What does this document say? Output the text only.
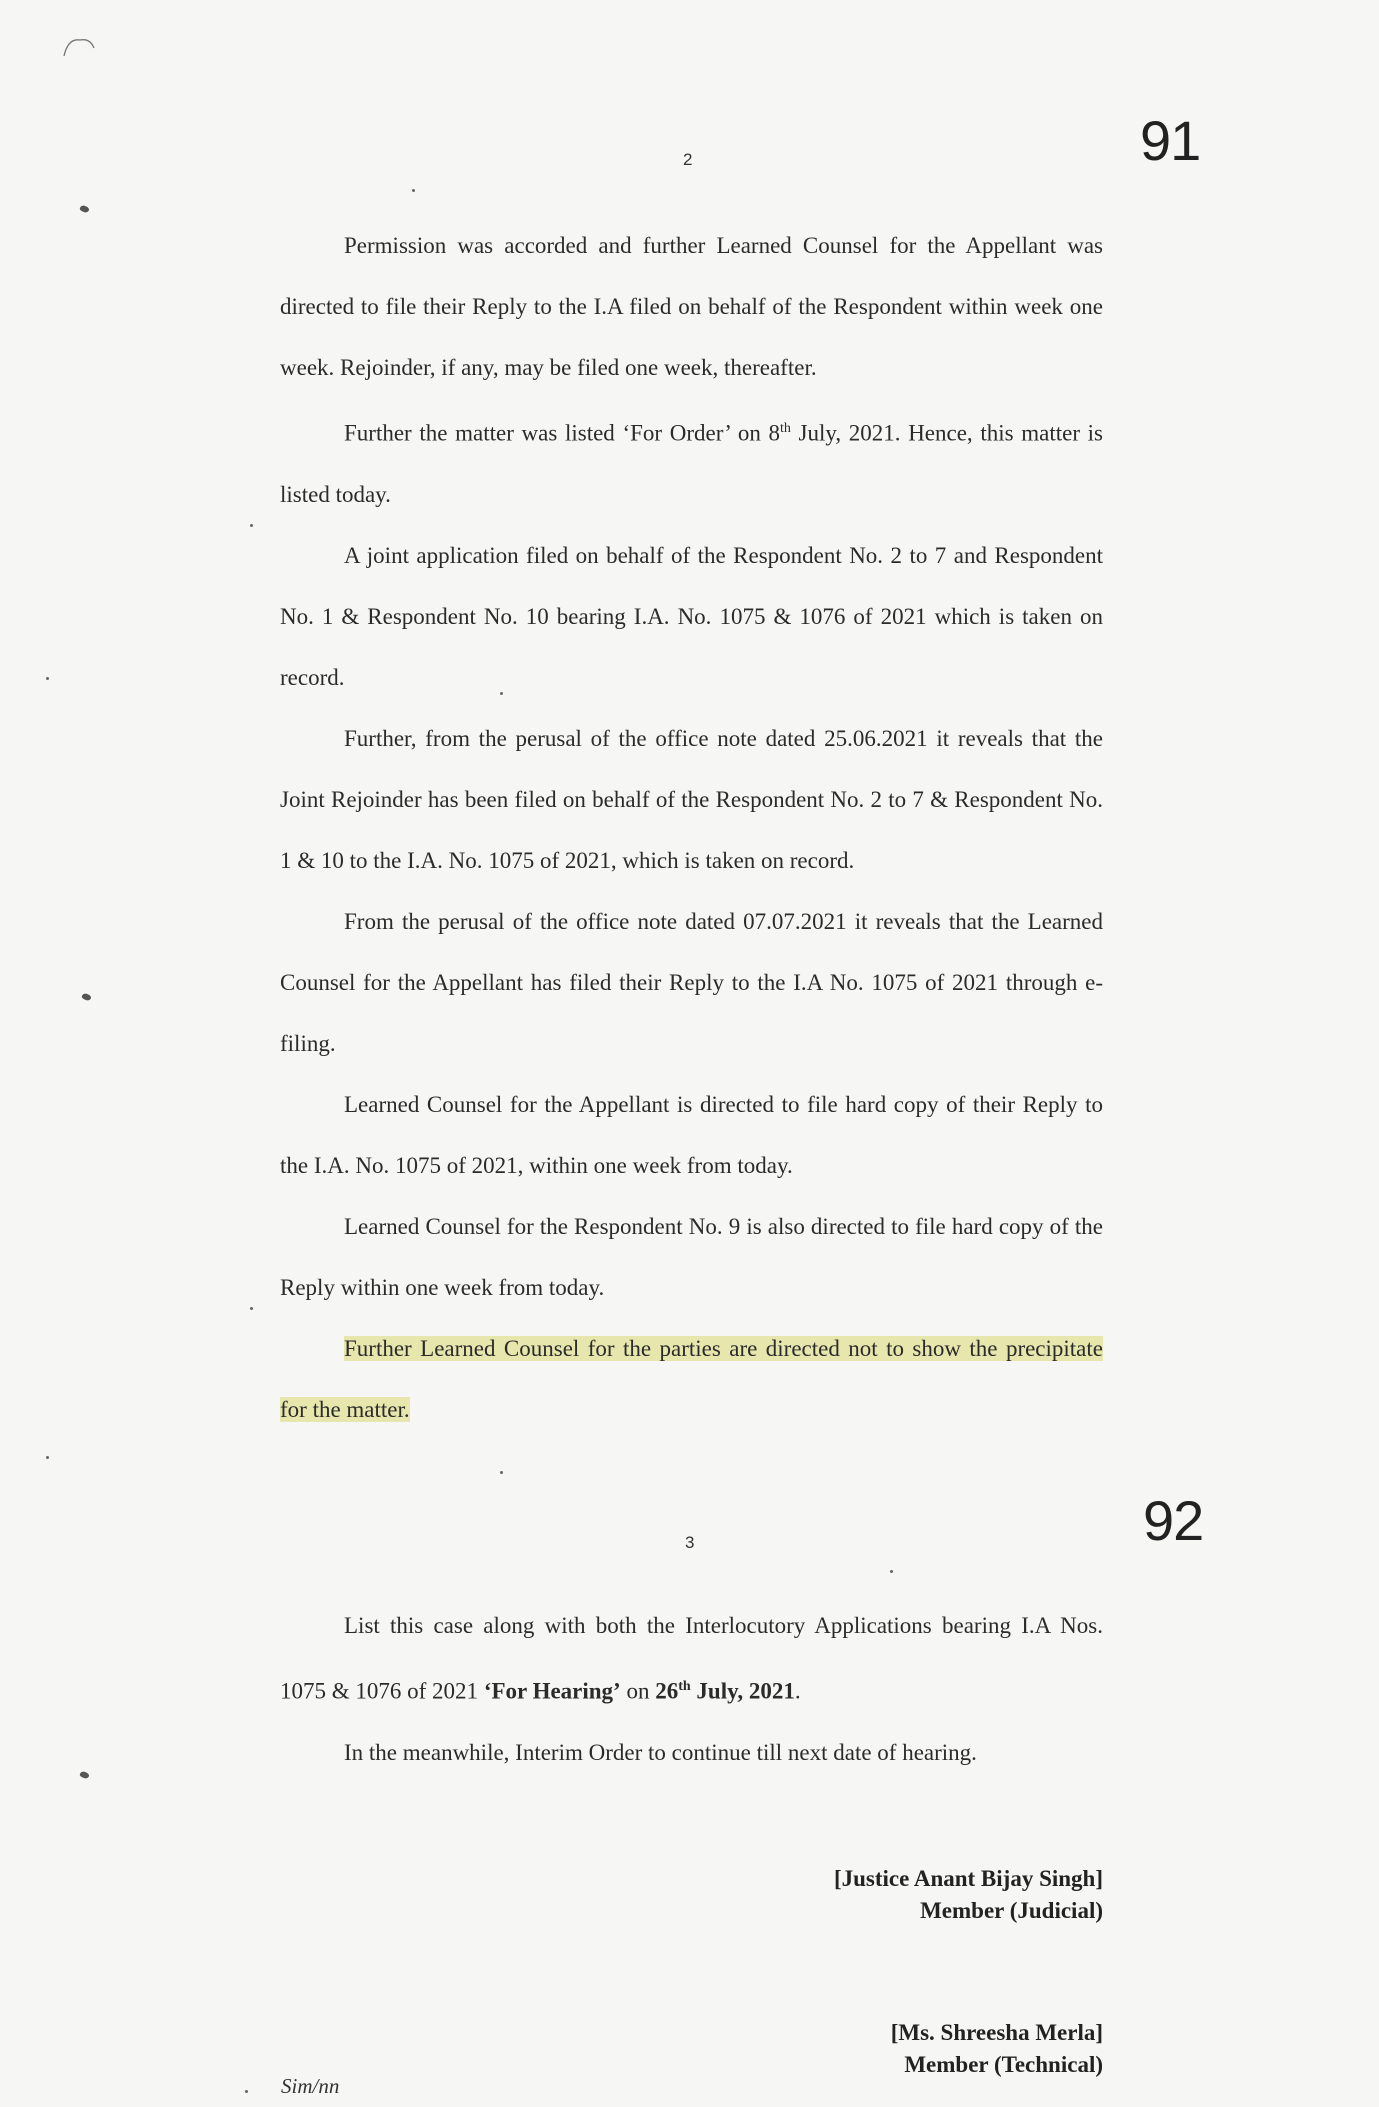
2	91

Permission was accorded and further Learned Counsel for the Appellant was directed to file their Reply to the I.A filed on behalf of the Respondent within week one week. Rejoinder, if any, may be filed one week, thereafter.

Further the matter was listed ‘For Order’ on 8th July, 2021. Hence, this matter is listed today.

A joint application filed on behalf of the Respondent No. 2 to 7 and Respondent No. 1 & Respondent No. 10 bearing I.A. No. 1075 & 1076 of 2021 which is taken on record.

Further, from the perusal of the office note dated 25.06.2021 it reveals that the Joint Rejoinder has been filed on behalf of the Respondent No. 2 to 7 & Respondent No. 1 & 10 to the I.A. No. 1075 of 2021, which is taken on record.

From the perusal of the office note dated 07.07.2021 it reveals that the Learned Counsel for the Appellant has filed their Reply to the I.A No. 1075 of 2021 through e-filing.

Learned Counsel for the Appellant is directed to file hard copy of their Reply to the I.A. No. 1075 of 2021, within one week from today.

Learned Counsel for the Respondent No. 9 is also directed to file hard copy of the Reply within one week from today.

Further Learned Counsel for the parties are directed not to show the precipitate for the matter.

3	92

List this case along with both the Interlocutory Applications bearing I.A Nos. 1075 & 1076 of 2021 ‘For Hearing’ on 26th July, 2021.

In the meanwhile, Interim Order to continue till next date of hearing.

[Justice Anant Bijay Singh]
Member (Judicial)
[Ms. Shreesha Merla]
Member (Technical)
Sim/nn
